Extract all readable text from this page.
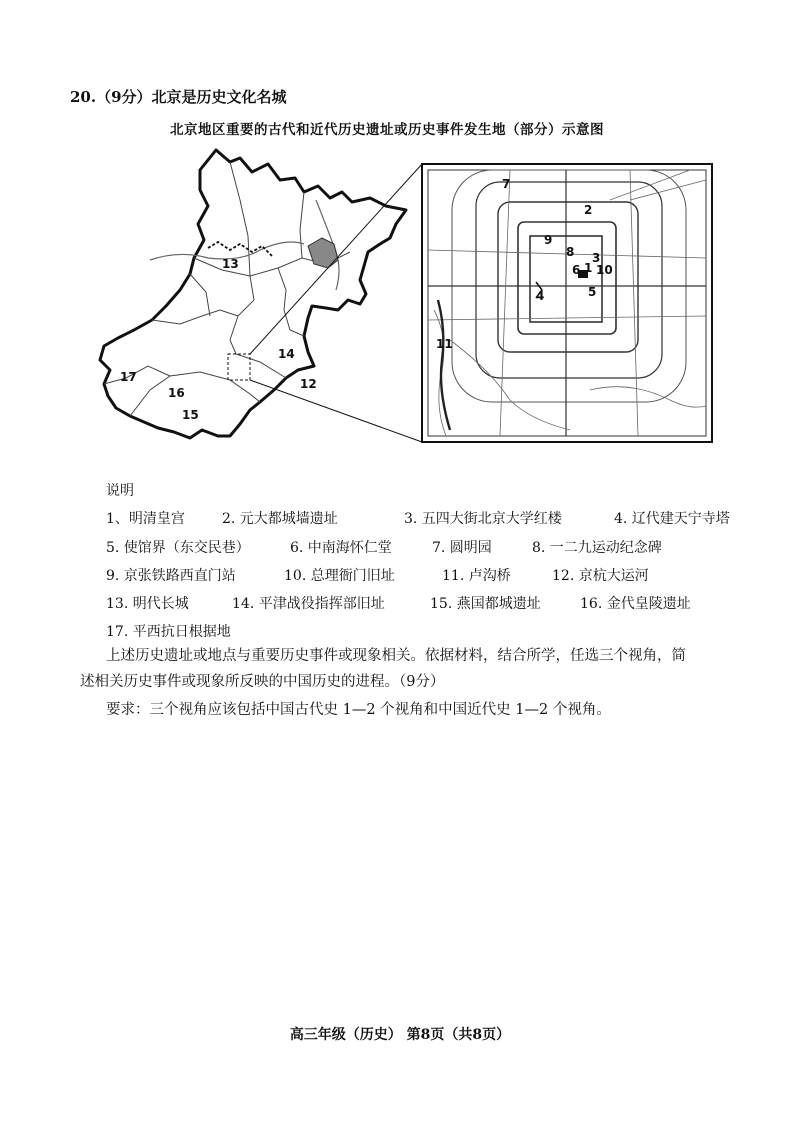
20.（9分）北京是历史文化名城
北京地区重要的古代和近代历史遗址或历史事件发生地（部分）示意图
13
14
12
17
16
15
7
2
9
8 3
6 1 10
4	5
11
说明
1、明清皇宫	2. 元大都城墙遗址	3. 五四大街北京大学红楼	4. 辽代建天宁寺塔
5. 使馆界（东交民巷）	6. 中南海怀仁堂	7. 圆明园	8. 一二九运动纪念碑
9. 京张铁路西直门站	10. 总理衙门旧址	11. 卢沟桥	12. 京杭大运河
13. 明代长城	14. 平津战役指挥部旧址	15. 燕国都城遗址	16. 金代皇陵遗址
17. 平西抗日根据地
上述历史遗址或地点与重要历史事件或现象相关。依据材料，结合所学，任选三个视角，简
述相关历史事件或现象所反映的中国历史的进程。（9分）
要求：三个视角应该包括中国古代史 1—2 个视角和中国近代史 1—2 个视角。
高三年级（历史） 第8页（共8页）
